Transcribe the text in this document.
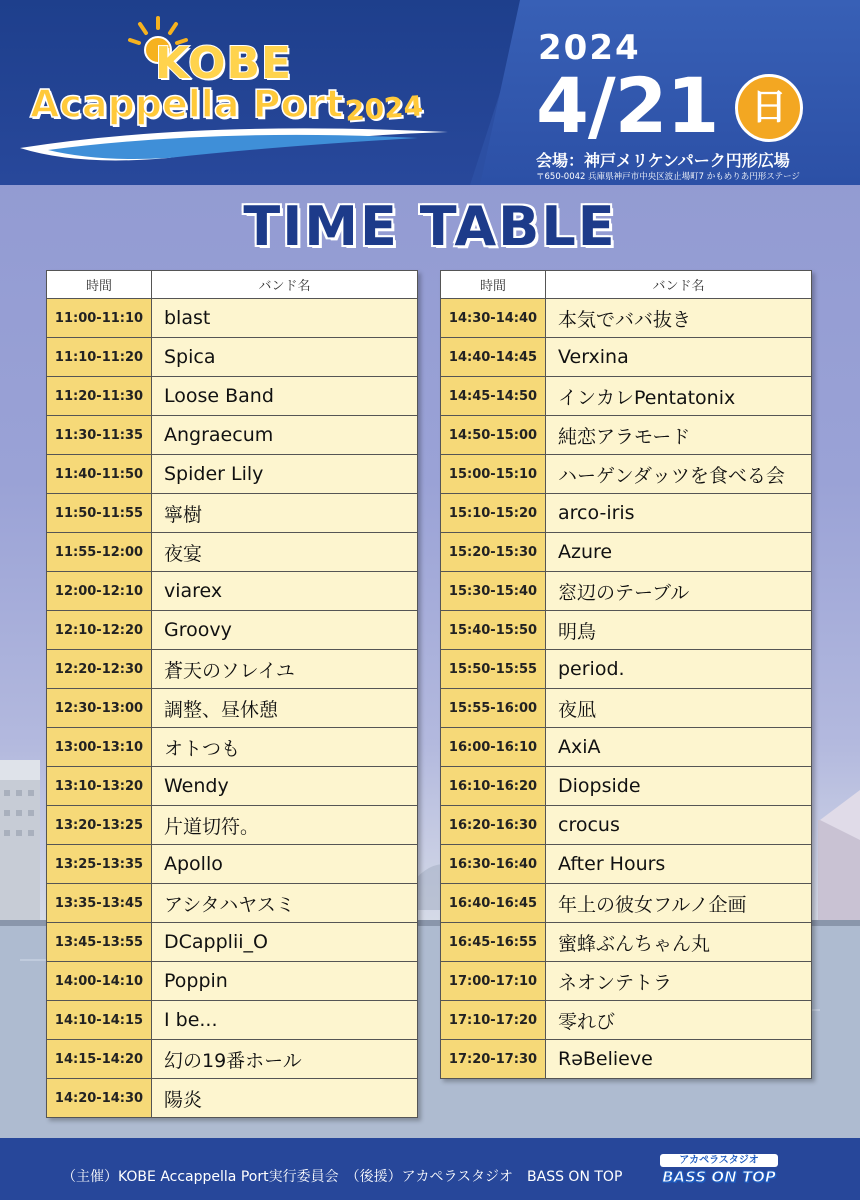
KOBE
Acappella Port 2024
2024
4/21 日
会場：神戸メリケンパーク円形広場
〒650-0042 兵庫県神戸市中央区波止場町7 かもめりあ円形ステージ
TIME TABLE
時間	バンド名
11:00-11:10	blast
11:10-11:20	Spica
11:20-11:30	Loose Band
11:30-11:35	Angraecum
11:40-11:50	Spider Lily
11:50-11:55	寧樹
11:55-12:00	夜宴
12:00-12:10	viarex
12:10-12:20	Groovy
12:20-12:30	蒼天のソレイユ
12:30-13:00	調整、昼休憩
13:00-13:10	オトつも
13:10-13:20	Wendy
13:20-13:25	片道切符。
13:25-13:35	Apollo
13:35-13:45	アシタハヤスミ
13:45-13:55	DCapplii_O
14:00-14:10	Poppin
14:10-14:15	I be...
14:15-14:20	幻の19番ホール
14:20-14:30	陽炎
時間	バンド名
14:30-14:40	本気でババ抜き
14:40-14:45	Verxina
14:45-14:50	インカレPentatonix
14:50-15:00	純恋アラモード
15:00-15:10	ハーゲンダッツを食べる会
15:10-15:20	arco-iris
15:20-15:30	Azure
15:30-15:40	窓辺のテーブル
15:40-15:50	明鳥
15:50-15:55	period.
15:55-16:00	夜凪
16:00-16:10	AxiA
16:10-16:20	Diopside
16:20-16:30	crocus
16:30-16:40	After Hours
16:40-16:45	年上の彼女フルノ企画
16:45-16:55	蜜蜂ぶんちゃん丸
17:00-17:10	ネオンテトラ
17:10-17:20	零れび
17:20-17:30	RəBelieve
（主催）KOBE Accappella Port実行委員会　（後援）アカペラスタジオ　BASS ON TOP
アカペラスタジオ
BASS ON TOP
